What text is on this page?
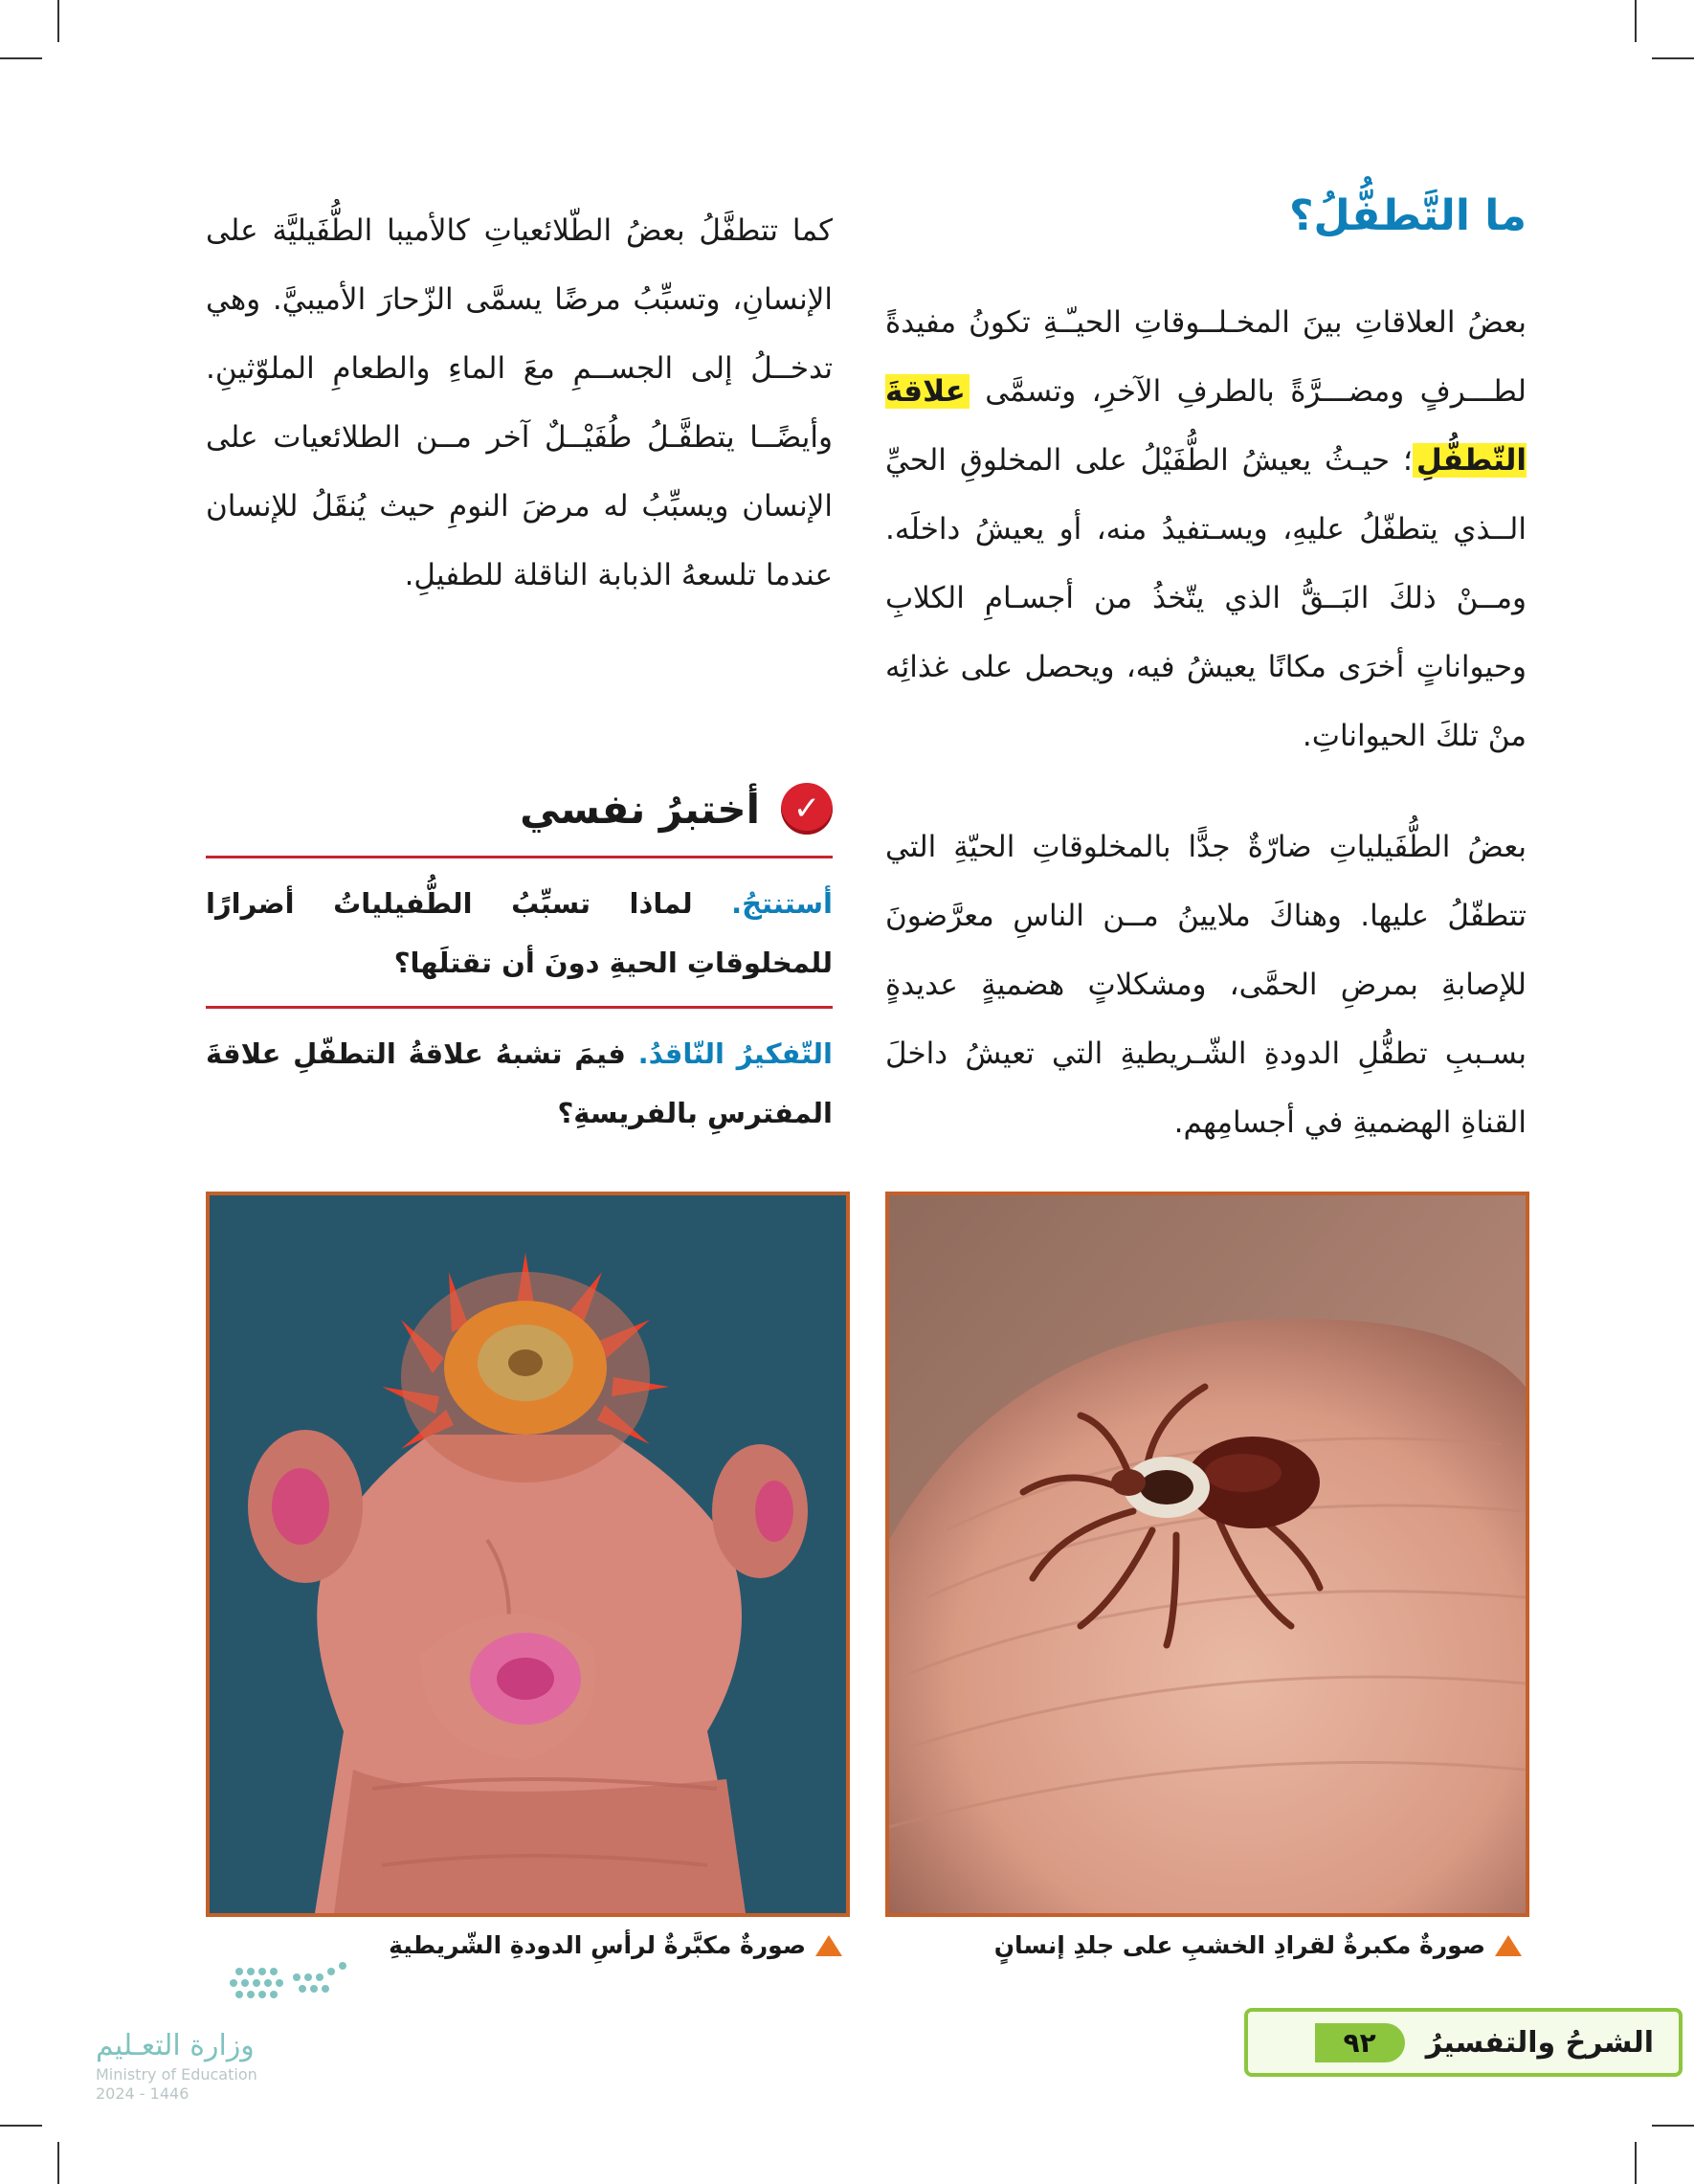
ما التَّطفُّلُ؟

بعضُ العلاقاتِ بينَ المخـلــوقاتِ الحيـّـةِ تكونُ مفيدةً لطـــرفٍ ومضـــرَّةً بالطرفِ الآخرِ، وتسمَّى علاقةَ التّطفُّلِ؛ حيـثُ يعيشُ الطُّفَيْلُ على المخلوقِ الحيِّ الــذي يتطفّلُ عليهِ، ويسـتفيدُ منه، أو يعيشُ داخلَه. ومــنْ ذلكَ البَــقُّ الذي يتّخذُ من أجسـامِ الكلابِ وحيواناتٍ أخرَى مكانًا يعيشُ فيه، ويحصل على غذائِه منْ تلكَ الحيواناتِ.

بعضُ الطُّفَيلياتِ ضارّةٌ جدًّا بالمخلوقاتِ الحيّةِ التي تتطفّلُ عليها. وهناكَ ملايينُ مــن الناسِ معرَّضونَ للإصابةِ بمرضِ الحمَّى، ومشكلاتٍ هضميةٍ عديدةٍ بسـببِ تطفُّلِ الدودةِ الشّـريطيةِ التي تعيشُ داخلَ القناةِ الهضميةِ في أجسامِهم.

كما تتطفَّلُ بعضُ الطّلائعياتِ كالأميبا الطُّفَيليَّة على الإنسانِ، وتسبِّبُ مرضًا يسمَّى الزّحارَ الأميبيَّ. وهي تدخــلُ إلى الجســمِ معَ الماءِ والطعامِ الملوّثينِ. وأيضًــا يتطفَّـلُ طُفَيْــلٌ آخر مــن الطلائعيات على الإنسان ويسبِّبُ له مرضَ النومِ حيث يُنقَلُ للإنسان عندما تلسعهُ الذبابة الناقلة للطفيلِ.

✓
أختبرُ نفسي
أستنتجُ. لماذا تسبِّبُ الطُّفيلياتُ أضرارًا للمخلوقاتِ الحيةِ دونَ أن تقتلَها؟
التّفكيرُ النّاقدُ. فيمَ تشبهُ علاقةُ التطفّلِ علاقةَ المفترسِ بالفريسةِ؟
صورةٌ مكبرةٌ لقرادِ الخشبِ على جلدِ إنسانٍ
صورةٌ مكبَّرةٌ لرأسِ الدودةِ الشّريطيةِ
وزارة التعـليم
Ministry of Education
2024 - 1446
الشرحُ والتفسيرُ
٩٢
